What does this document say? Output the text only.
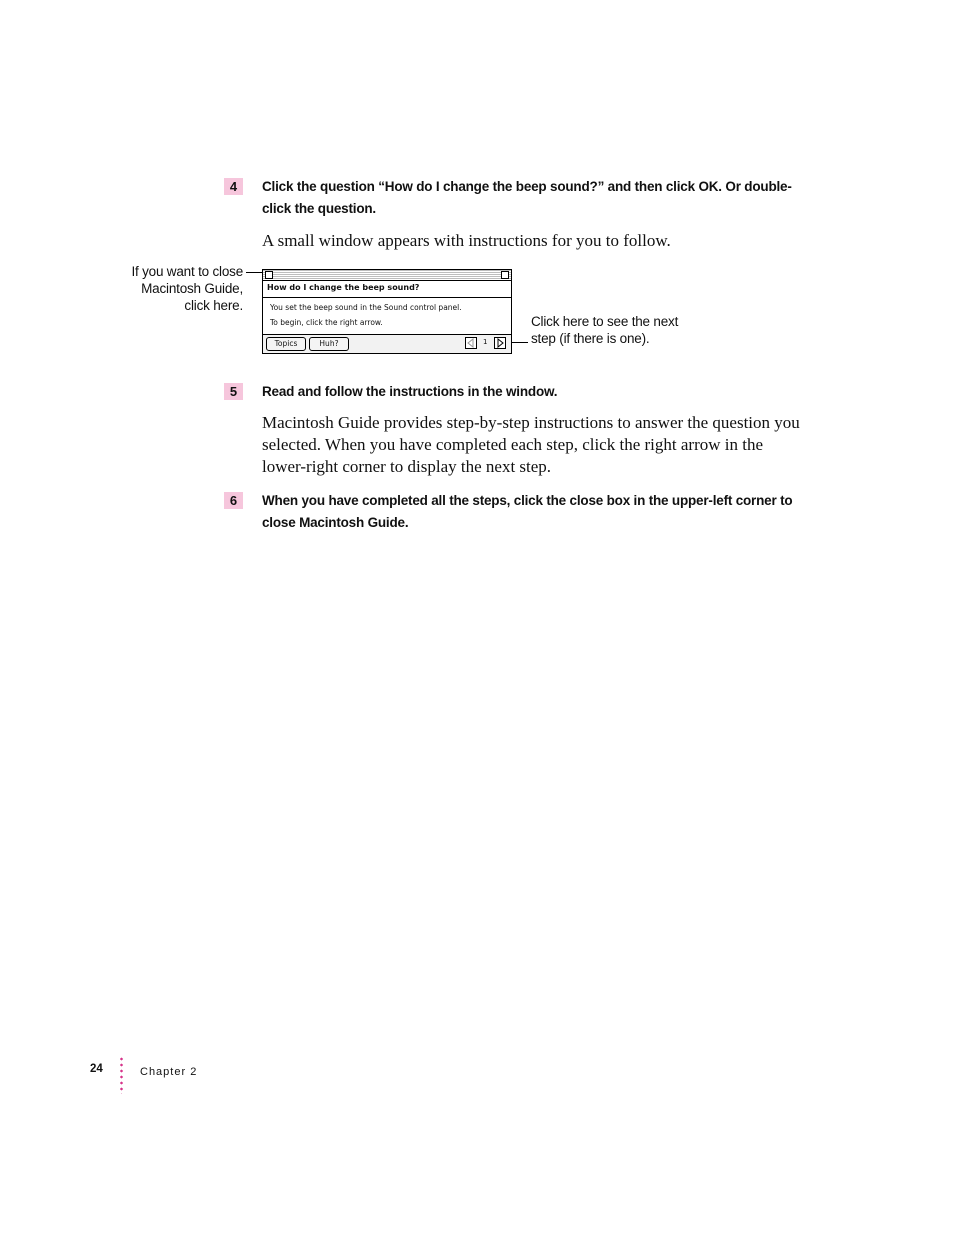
4	Click the question “How do I change the beep sound?” and then click OK. Or double-click the question.
A small window appears with instructions for you to follow.
If you want to close
Macintosh Guide,
click here.
How do I change the beep sound?
You set the beep sound in the Sound control panel.
To begin, click the right arrow.
Topics	Huh?	1
Click here to see the next
step (if there is one).
5	Read and follow the instructions in the window.
Macintosh Guide provides step-by-step instructions to answer the question you selected. When you have completed each step, click the right arrow in the lower-right corner to display the next step.
6	When you have completed all the steps, click the close box in the upper-left corner to close Macintosh Guide.
24	Chapter 2
